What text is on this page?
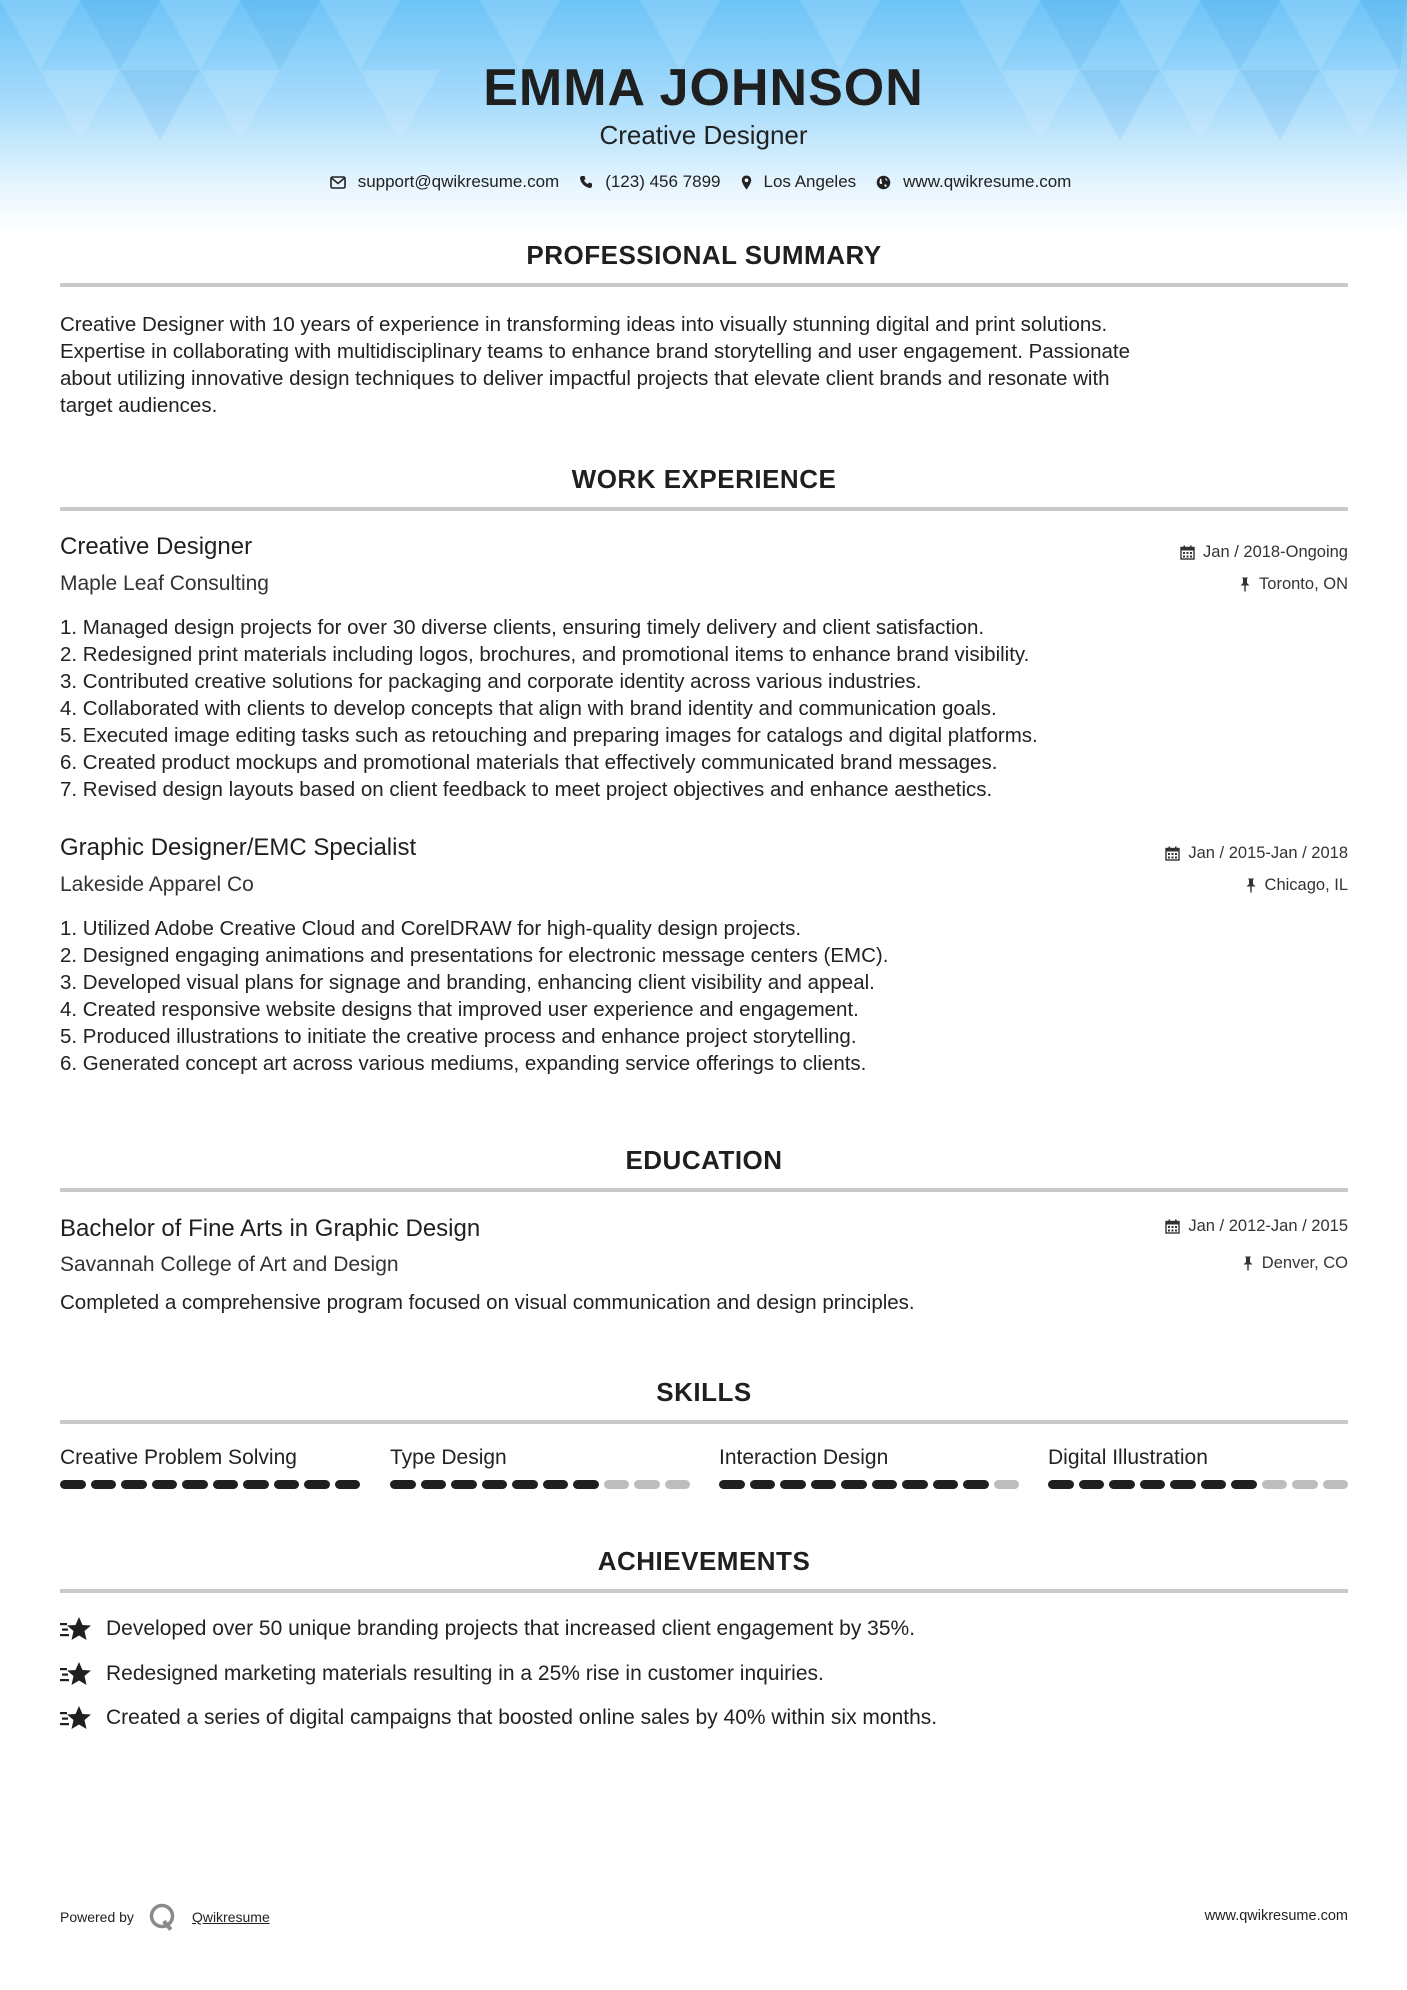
EMMA JOHNSON
Creative Designer
support@qwikresume.com	(123) 456 7899	Los Angeles	www.qwikresume.com
PROFESSIONAL SUMMARY
Creative Designer with 10 years of experience in transforming ideas into visually stunning digital and print solutions.
Expertise in collaborating with multidisciplinary teams to enhance brand storytelling and user engagement. Passionate
about utilizing innovative design techniques to deliver impactful projects that elevate client brands and resonate with
target audiences.
WORK EXPERIENCE
Creative Designer	Jan / 2018-Ongoing
Maple Leaf Consulting	Toronto, ON
1. Managed design projects for over 30 diverse clients, ensuring timely delivery and client satisfaction.
2. Redesigned print materials including logos, brochures, and promotional items to enhance brand visibility.
3. Contributed creative solutions for packaging and corporate identity across various industries.
4. Collaborated with clients to develop concepts that align with brand identity and communication goals.
5. Executed image editing tasks such as retouching and preparing images for catalogs and digital platforms.
6. Created product mockups and promotional materials that effectively communicated brand messages.
7. Revised design layouts based on client feedback to meet project objectives and enhance aesthetics.
Graphic Designer/EMC Specialist	Jan / 2015-Jan / 2018
Lakeside Apparel Co	Chicago, IL
1. Utilized Adobe Creative Cloud and CorelDRAW for high-quality design projects.
2. Designed engaging animations and presentations for electronic message centers (EMC).
3. Developed visual plans for signage and branding, enhancing client visibility and appeal.
4. Created responsive website designs that improved user experience and engagement.
5. Produced illustrations to initiate the creative process and enhance project storytelling.
6. Generated concept art across various mediums, expanding service offerings to clients.
EDUCATION
Bachelor of Fine Arts in Graphic Design	Jan / 2012-Jan / 2015
Savannah College of Art and Design	Denver, CO
Completed a comprehensive program focused on visual communication and design principles.
SKILLS
Creative Problem Solving	Type Design	Interaction Design	Digital Illustration
ACHIEVEMENTS
Developed over 50 unique branding projects that increased client engagement by 35%.
Redesigned marketing materials resulting in a 25% rise in customer inquiries.
Created a series of digital campaigns that boosted online sales by 40% within six months.
Powered by	Qwikresume	www.qwikresume.com
